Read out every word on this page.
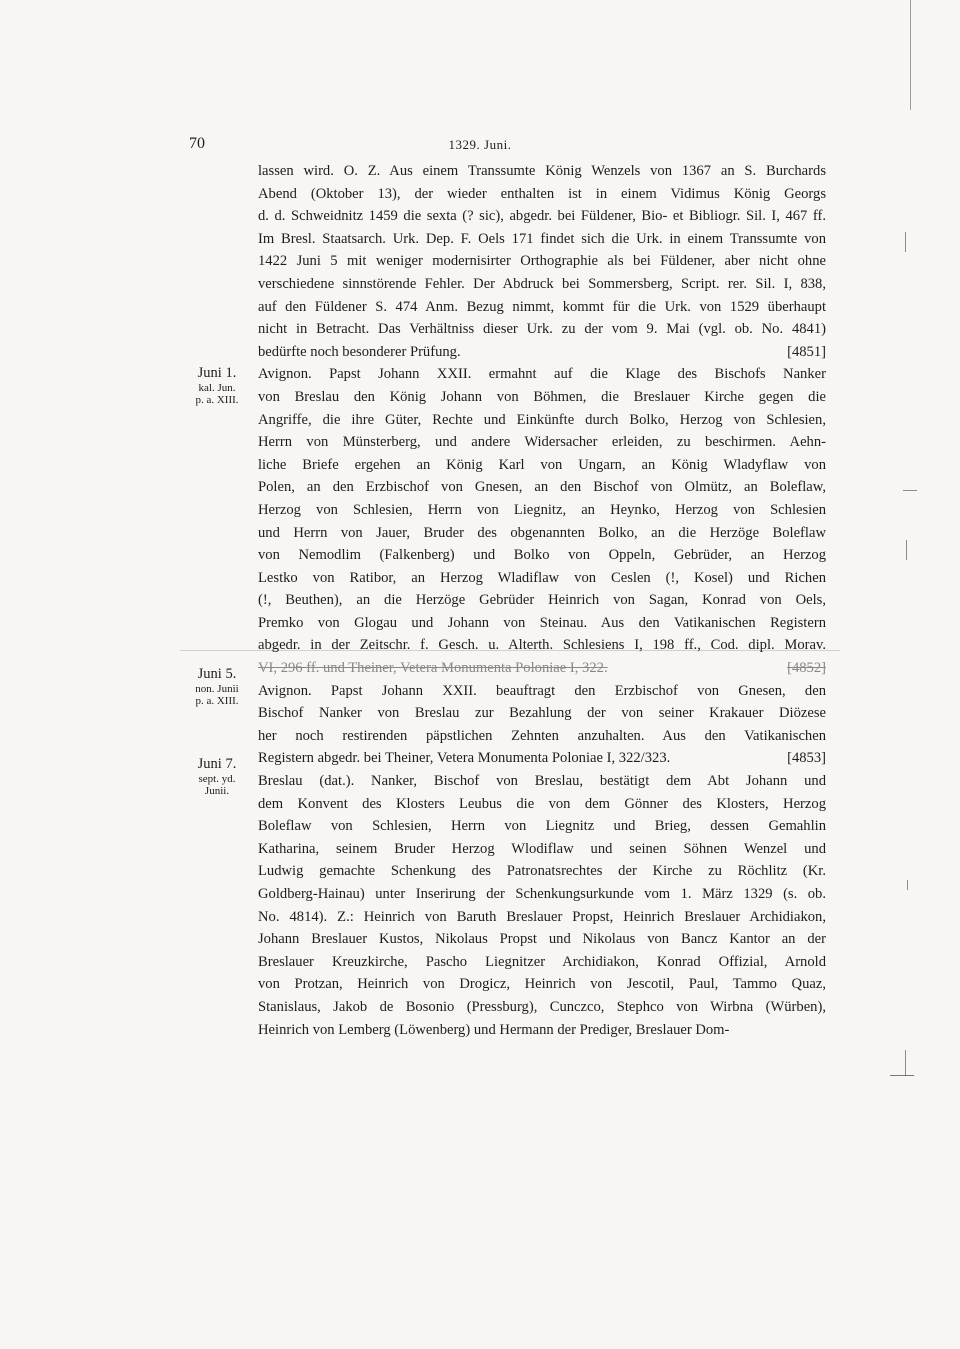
70	1329. Juni.
lassen wird. O. Z. Aus einem Transsumte König Wenzels von 1367 an S. Burchards
Abend (Oktober 13), der wieder enthalten ist in einem Vidimus König Georgs
d. d. Schweidnitz 1459 die sexta (? sic), abgedr. bei Füldener, Bio- et Bibliogr. Sil. I, 467 ff.
Im Bresl. Staatsarch. Urk. Dep. F. Oels 171 findet sich die Urk. in einem Transsumte von
1422 Juni 5 mit weniger modernisirter Orthographie als bei Füldener, aber nicht ohne
verschiedene sinnstörende Fehler. Der Abdruck bei Sommersberg, Script. rer. Sil. I, 838,
auf den Füldener S. 474 Anm. Bezug nimmt, kommt für die Urk. von 1529 überhaupt
nicht in Betracht. Das Verhältniss dieser Urk. zu der vom 9. Mai (vgl. ob. No. 4841)
bedürfte noch besonderer Prüfung.	[4851]
Avignon. Papst Johann XXII. ermahnt auf die Klage des Bischofs Nanker
von Breslau den König Johann von Böhmen, die Breslauer Kirche gegen die
Angriffe, die ihre Güter, Rechte und Einkünfte durch Bolko, Herzog von Schlesien,
Herrn von Münsterberg, und andere Widersacher erleiden, zu beschirmen. Aehn-
liche Briefe ergehen an König Karl von Ungarn, an König Wladyflaw von
Polen, an den Erzbischof von Gnesen, an den Bischof von Olmütz, an Boleflaw,
Herzog von Schlesien, Herrn von Liegnitz, an Heynko, Herzog von Schlesien
und Herrn von Jauer, Bruder des obgenannten Bolko, an die Herzöge Boleflaw
von Nemodlim (Falkenberg) und Bolko von Oppeln, Gebrüder, an Herzog
Lestko von Ratibor, an Herzog Wladiflaw von Ceslen (!, Kosel) und Richen
(!, Beuthen), an die Herzöge Gebrüder Heinrich von Sagan, Konrad von Oels,
Premko von Glogau und Johann von Steinau. Aus den Vatikanischen Registern
abgedr. in der Zeitschr. f. Gesch. u. Alterth. Schlesiens I, 198 ff., Cod. dipl. Morav.
VI, 296 ff. und Theiner, Vetera Monumenta Poloniae I, 322.	[4852]
Avignon. Papst Johann XXII. beauftragt den Erzbischof von Gnesen, den
Bischof Nanker von Breslau zur Bezahlung der von seiner Krakauer Diözese
her noch restirenden päpstlichen Zehnten anzuhalten. Aus den Vatikanischen
Registern abgedr. bei Theiner, Vetera Monumenta Poloniae I, 322/323.	[4853]
Breslau (dat.). Nanker, Bischof von Breslau, bestätigt dem Abt Johann und
dem Konvent des Klosters Leubus die von dem Gönner des Klosters, Herzog
Boleflaw von Schlesien, Herrn von Liegnitz und Brieg, dessen Gemahlin
Katharina, seinem Bruder Herzog Wlodiflaw und seinen Söhnen Wenzel und
Ludwig gemachte Schenkung des Patronatsrechtes der Kirche zu Röchlitz (Kr.
Goldberg-Hainau) unter Inserirung der Schenkungsurkunde vom 1. März 1329 (s. ob.
No. 4814). Z.: Heinrich von Baruth Breslauer Propst, Heinrich Breslauer Archidiakon,
Johann Breslauer Kustos, Nikolaus Propst und Nikolaus von Bancz Kantor an der
Breslauer Kreuzkirche, Pascho Liegnitzer Archidiakon, Konrad Offizial, Arnold
von Protzan, Heinrich von Drogicz, Heinrich von Jescotil, Paul, Tammo Quaz,
Stanislaus, Jakob de Bosonio (Pressburg), Cunczco, Stephco von Wirbna (Würben),
Heinrich von Lemberg (Löwenberg) und Hermann der Prediger, Breslauer Dom-
Juni 1.
kal. Jun.
p. a. XIII.
Juni 5.
non. Junii
p. a. XIII.
Juni 7.
sept. yd.
Junii.
